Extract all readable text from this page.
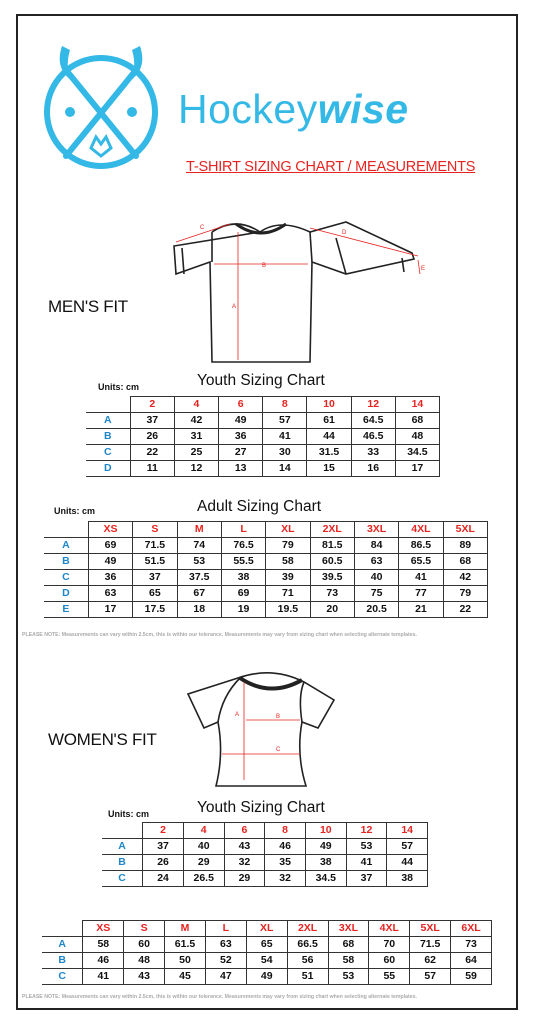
Hockeywise
T-SHIRT SIZING CHART / MEASUREMENTS
B
A
C
D
E
MEN'S FIT
Units: cm	Youth Sizing Chart
	2	4	6	8	10	12	14
A	37	42	49	57	61	64.5	68
B	26	31	36	41	44	46.5	48
C	22	25	27	30	31.5	33	34.5
D	11	12	13	14	15	16	17
Units: cm	Adult Sizing Chart
	XS	S	M	L	XL	2XL	3XL	4XL	5XL
A	69	71.5	74	76.5	79	81.5	84	86.5	89
B	49	51.5	53	55.5	58	60.5	63	65.5	68
C	36	37	37.5	38	39	39.5	40	41	42
D	63	65	67	69	71	73	75	77	79
E	17	17.5	18	19	19.5	20	20.5	21	22
PLEASE NOTE: Measurements can vary within 2.5cm, this is within our tolerance. Measurements may vary from sizing chart when selecting alternate templates.
A	B
C
WOMEN'S FIT
Units: cm	Youth Sizing Chart
	2	4	6	8	10	12	14
A	37	40	43	46	49	53	57
B	26	29	32	35	38	41	44
C	24	26.5	29	32	34.5	37	38
	XS	S	M	L	XL	2XL	3XL	4XL	5XL	6XL
A	58	60	61.5	63	65	66.5	68	70	71.5	73
B	46	48	50	52	54	56	58	60	62	64
C	41	43	45	47	49	51	53	55	57	59
PLEASE NOTE: Measurements can vary within 2.5cm, this is within our tolerance. Measurements may vary from sizing chart when selecting alternate templates.
